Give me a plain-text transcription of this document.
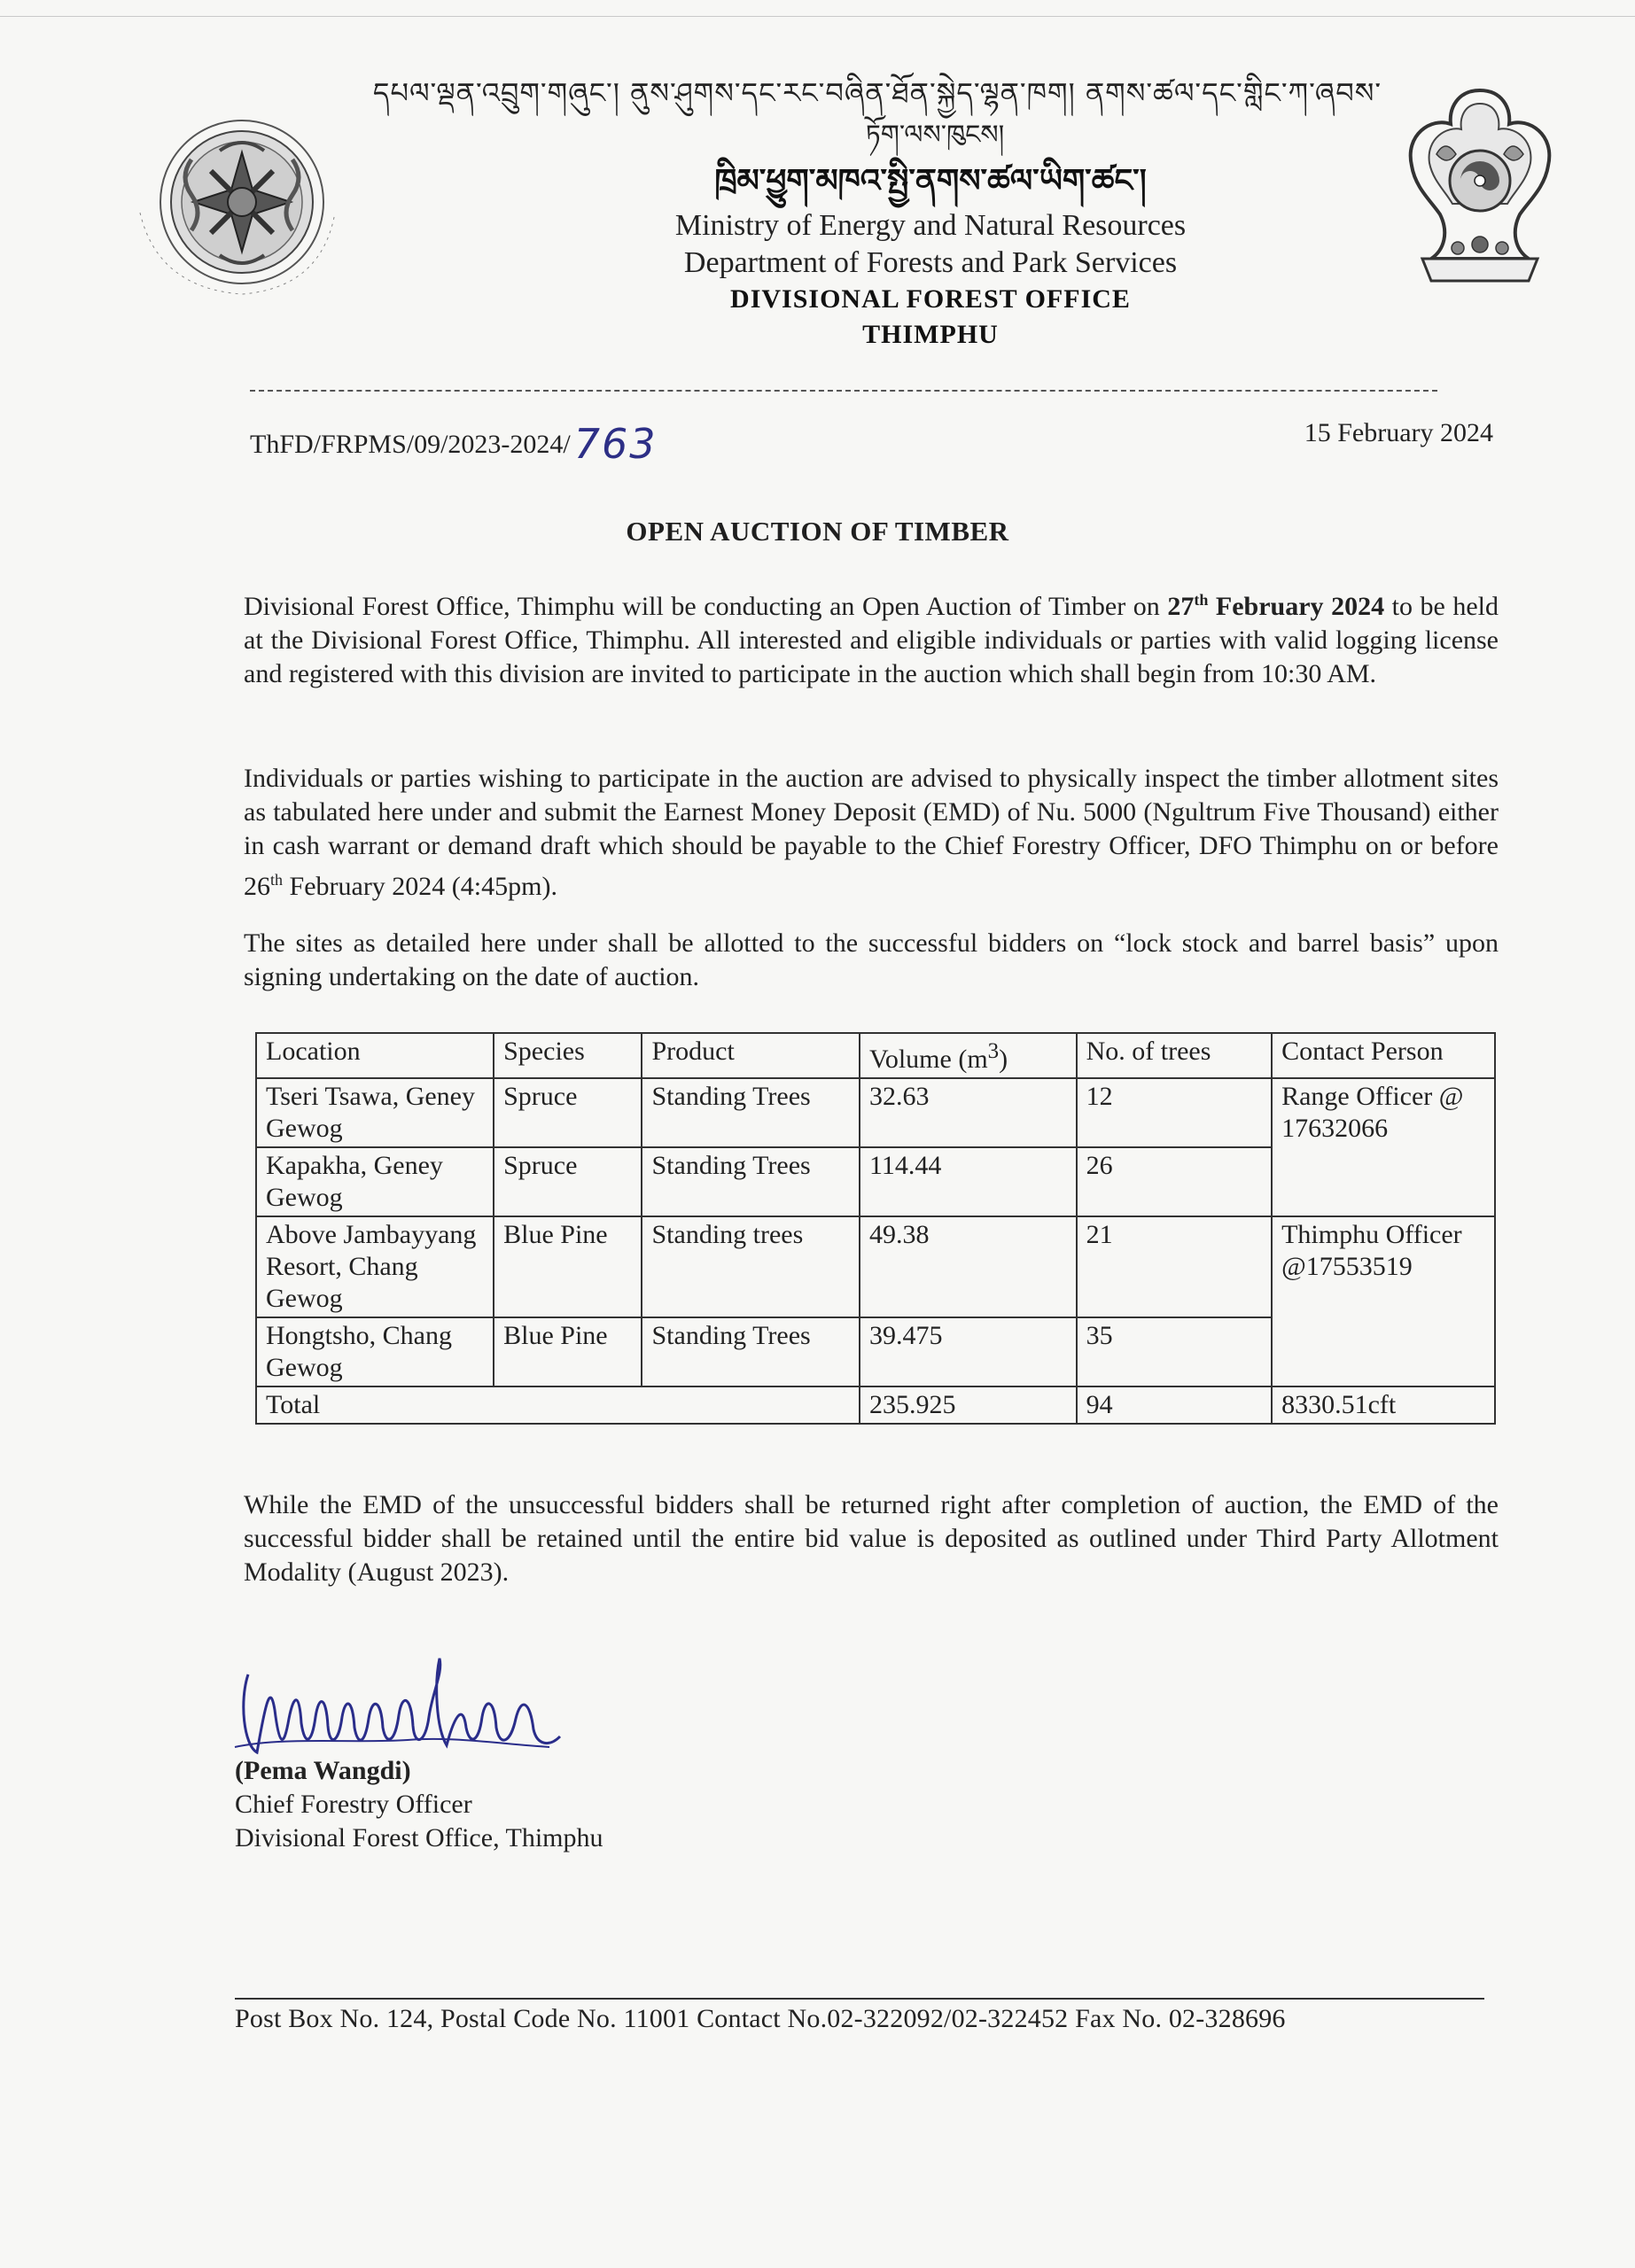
དཔལ་ལྡན་འབྲུག་གཞུང་། ནུས་ཤུགས་དང་རང་བཞིན་ཐོན་སྐྱེད་ལྷན་ཁག། ནགས་ཚལ་དང་གླིང་ཀ་ཞབས་
ཏོག་ལས་ཁུངས།
ཁྲིམ་ཕྱུག་མཁའ་སྤྱི་ནགས་ཚལ་ཡིག་ཚང་།
Ministry of Energy and Natural Resources
Department of Forests and Park Services
DIVISIONAL FOREST OFFICE
THIMPHU
ThFD/FRPMS/09/2023-2024/763	15 February 2024
OPEN AUCTION OF TIMBER
Divisional Forest Office, Thimphu will be conducting an Open Auction of Timber on 27th February 2024 to be held at the Divisional Forest Office, Thimphu. All interested and eligible individuals or parties with valid logging license and registered with this division are invited to participate in the auction which shall begin from 10:30 AM.
Individuals or parties wishing to participate in the auction are advised to physically inspect the timber allotment sites as tabulated here under and submit the Earnest Money Deposit (EMD) of Nu. 5000 (Ngultrum Five Thousand) either in cash warrant or demand draft which should be payable to the Chief Forestry Officer, DFO Thimphu on or before 26th February 2024 (4:45pm).
The sites as detailed here under shall be allotted to the successful bidders on “lock stock and barrel basis” upon signing undertaking on the date of auction.
Location	Species	Product	Volume $(m^3)$	No. of trees	Contact Person
Tseri Tsawa, Geney Gewog	Spruce	Standing Trees	32.63	12	Range Officer @ 17632066
Kapakha, Geney Gewog	Spruce	Standing Trees	114.44	26	
Above Jambayyang Resort, Chang Gewog	Blue Pine	Standing trees	49.38	21	Thimphu Officer @17553519
Hongtsho, Chang Gewog	Blue Pine	Standing Trees	39.475	35	
Total			235.925	94	8330.51cft
While the EMD of the unsuccessful bidders shall be returned right after completion of auction, the EMD of the successful bidder shall be retained until the entire bid value is deposited as outlined under Third Party Allotment Modality (August 2023).
(Pema Wangdi)
Chief Forestry Officer
Divisional Forest Office, Thimphu
Post Box No. 124, Postal Code No. 11001 Contact No.02-322092/02-322452 Fax No. 02-328696
